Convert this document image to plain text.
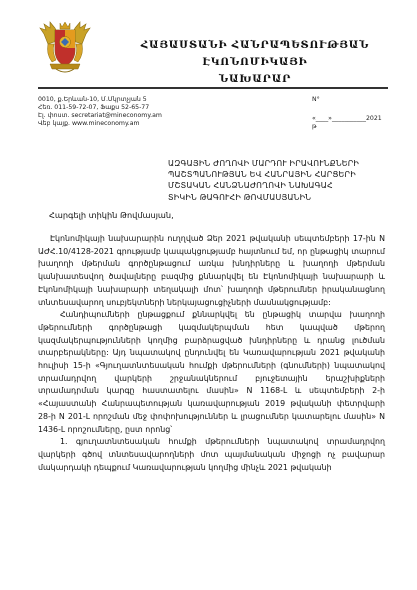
ՀԱՅԱՍՏԱՆԻ ՀԱՆՐԱՊԵՏՈՒԹՅԱՆ ԷԿՈՆՈՄԻԿԱՅԻ
ՆԱԽԱՐԱՐ
0010, ք.Երևան-10, Մ.Մկրտչյան 5
Հեռ. 011-59-72-07, Ֆաքս 52-65-77
Էլ. փոստ. secretariat@mineconomy.am
Վեբ կայք. www.mineconomy.am
N°
«____»___________2021
թ
ԱԶԳԱՅԻՆ ԺՈՂՈՎԻ ՄԱՐԴՈՒ ԻՐԱՎՈՒՆՔՆԵՐԻ
ՊԱՇՏՊԱՆՈՒԹՅԱՆ ԵՎ ՀԱՆՐԱՅԻՆ ՀԱՐՑԵՐԻ
ՄՇՏԱԿԱՆ ՀԱՆՁՆԱԺՈՂՈՎԻ ՆԱԽԱԳԱՀ
ՏԻԿԻՆ ԹԱԳՈՒՀԻ ԹՈՎՄԱՍՅԱՆԻՆ
Հարգելի տիկին Թովմասյան,

Էկոնոմիկայի նախարարին ուղղված Ձեր 2021 թվականի սեպտեմբերի 17-ին N ԱԺՀ.10/4128-2021 գրությամբ կապակցությամբ հայտնում եմ, որ ընթացիկ տարում խաղողի մթերման գործընթացում առկա խնդիրները և խաղողի մթերման կանխատեսվող ծավալները բազմից քննարկվել են Էկոնոմիկայի նախարարի և Էկոնոմիկայի նախարարի տեղակալի մոտ՝ խաղողի մթերումներ իրականացնող տնտեսավարող սուբյեկտների ներկայացուցիչների մասնակցությամբ:

Հանդիպումների ընթացքում քննարկվել են ընթացիկ տարվա խաղողի մթերումների գործընթացի կազմակերպման հետ կապված մթերող կազմակերպությունների կողմից բարձրացված խնդիրները և դրանց լուծման տարբերակները: Այդ նպատակով ընդունվել են Կառավարության 2021 թվականի հուլիսի 15-ի «Գյուղատնտեսական հումքի մթերումների (գնումների) նպատակով տրամադրվող վարկերի շրջանակներում բյուջետային երաշխիքների տրամադրման կարգը հաստատելու մասին» N 1168-Լ և սեպտեմբերի 2-ի «Հայաստանի Հանրապետության կառավարության 2019 թվականի փետրվարի 28-ի N 201-Լ որոշման մեջ փոփոխություններ և լրացումներ կատարելու մասին» N 1436-Լ որոշումները, ըստ որոնց՝

1. գյուղատնտեսական հումքի մթերումների նպատակով տրամադրվող վարկերի գծով տնտեսավարողների մոտ պայմանական միջոցի ոչ բավարար մակարդակի դեպքում Կառավարության կողմից մինչև 2021 թվականի
